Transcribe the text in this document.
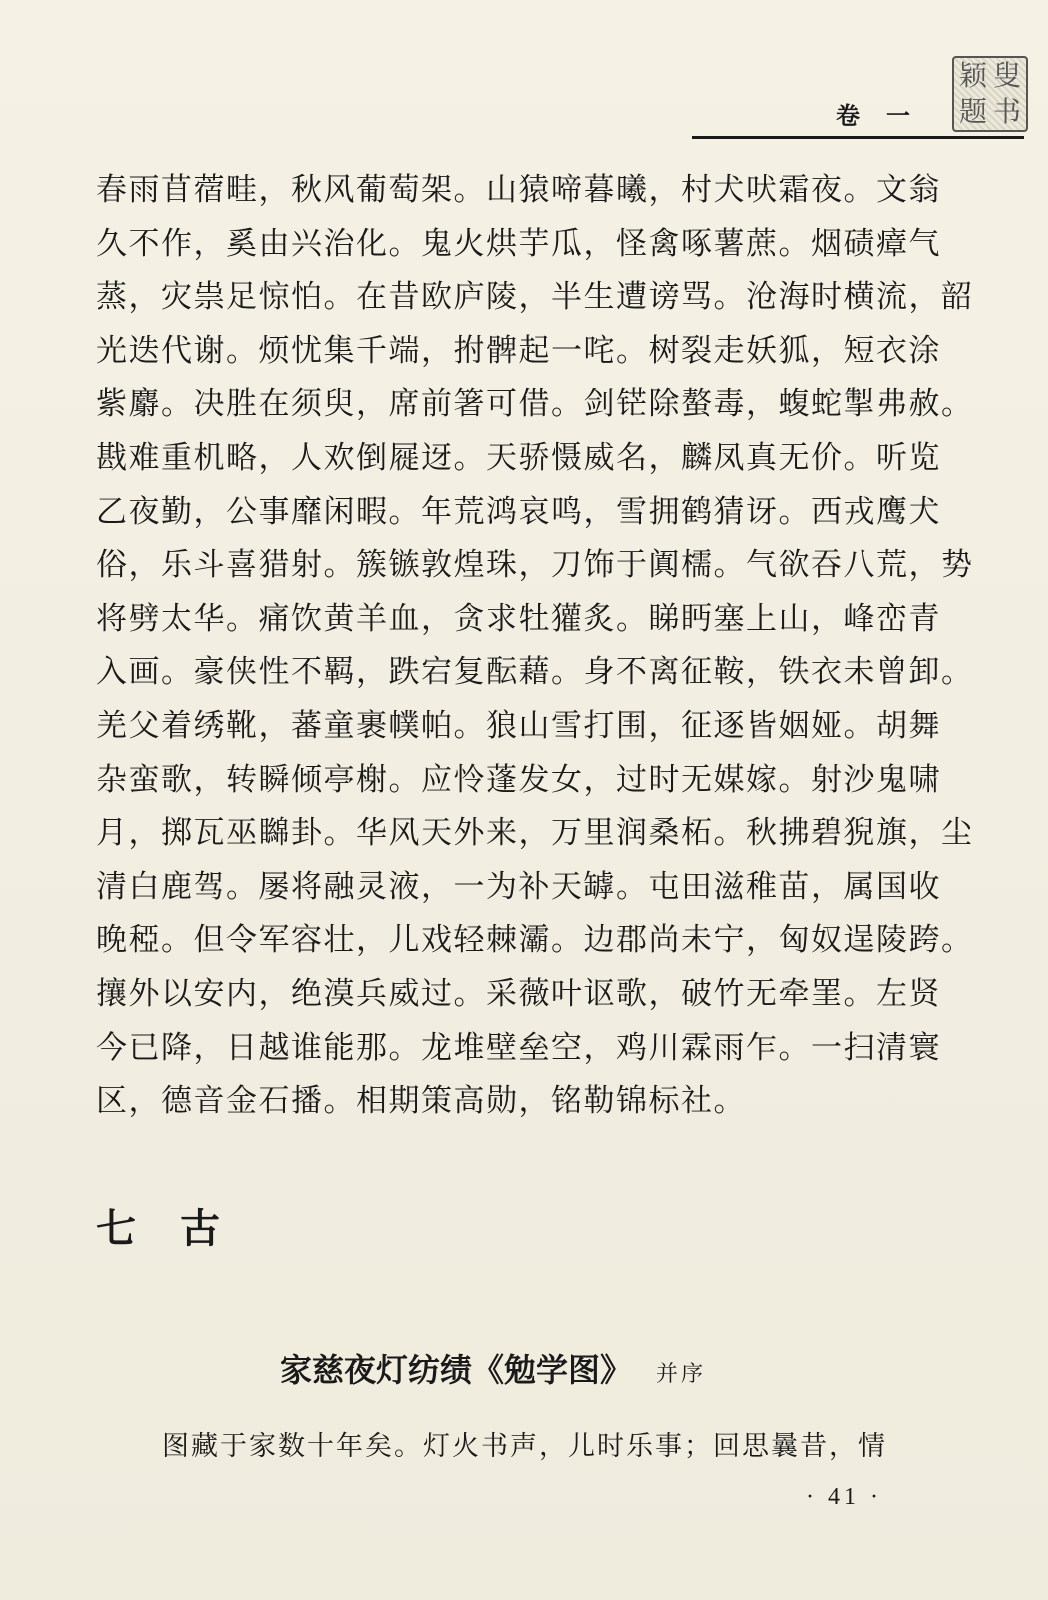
卷 一
颖 叟
题 书
春雨苜蓿畦，秋风葡萄架。山猿啼暮曦，村犬吠霜夜。文翁
久不作，奚由兴治化。鬼火烘芋瓜，怪禽啄薯蔗。烟碛瘴气
蒸，灾祟足惊怕。在昔欧庐陵，半生遭谤骂。沧海时横流，韶
光迭代谢。烦忧集千端，拊髀起一咤。树裂走妖狐，短衣涂
紫麝。决胜在须臾，席前箸可借。剑铓除螯毒，蝮蛇掣弗赦。
戡难重机略，人欢倒屣迓。天骄慑威名，麟凤真无价。听览
乙夜勤，公事靡闲暇。年荒鸿哀鸣，雪拥鹤猜讶。西戎鹰犬
俗，乐斗喜猎射。簇镞敦煌珠，刀饰于阗檽。气欲吞八荒，势
将劈太华。痛饮黄羊血，贪求牡獾炙。睇眄塞上山，峰峦青
入画。豪侠性不羁，跌宕复酝藉。身不离征鞍，铁衣未曾卸。
羌父着绣靴，蕃童裹幞帕。狼山雪打围，征逐皆姻娅。胡舞
杂蛮歌，转瞬倾亭榭。应怜蓬发女，过时无媒嫁。射沙鬼啸
月，掷瓦巫矊卦。华风天外来，万里润桑柘。秋拂碧猊旗，尘
清白鹿驾。屡将融灵液，一为补天罅。屯田滋稚苗，属国收
晚稏。但令军容壮，儿戏轻棘灞。边郡尚未宁，匈奴逞陵跨。
攘外以安内，绝漠兵威过。采薇叶讴歌，破竹无牵罣。左贤
今已降，日越谁能那。龙堆壁垒空，鸡川霖雨乍。一扫清寰
区，德音金石播。相期策高勋，铭勒锦标社。
七古
家慈夜灯纺绩《勉学图》 并序
图藏于家数十年矣。灯火书声，儿时乐事；回思曩昔，情
· 41 ·
